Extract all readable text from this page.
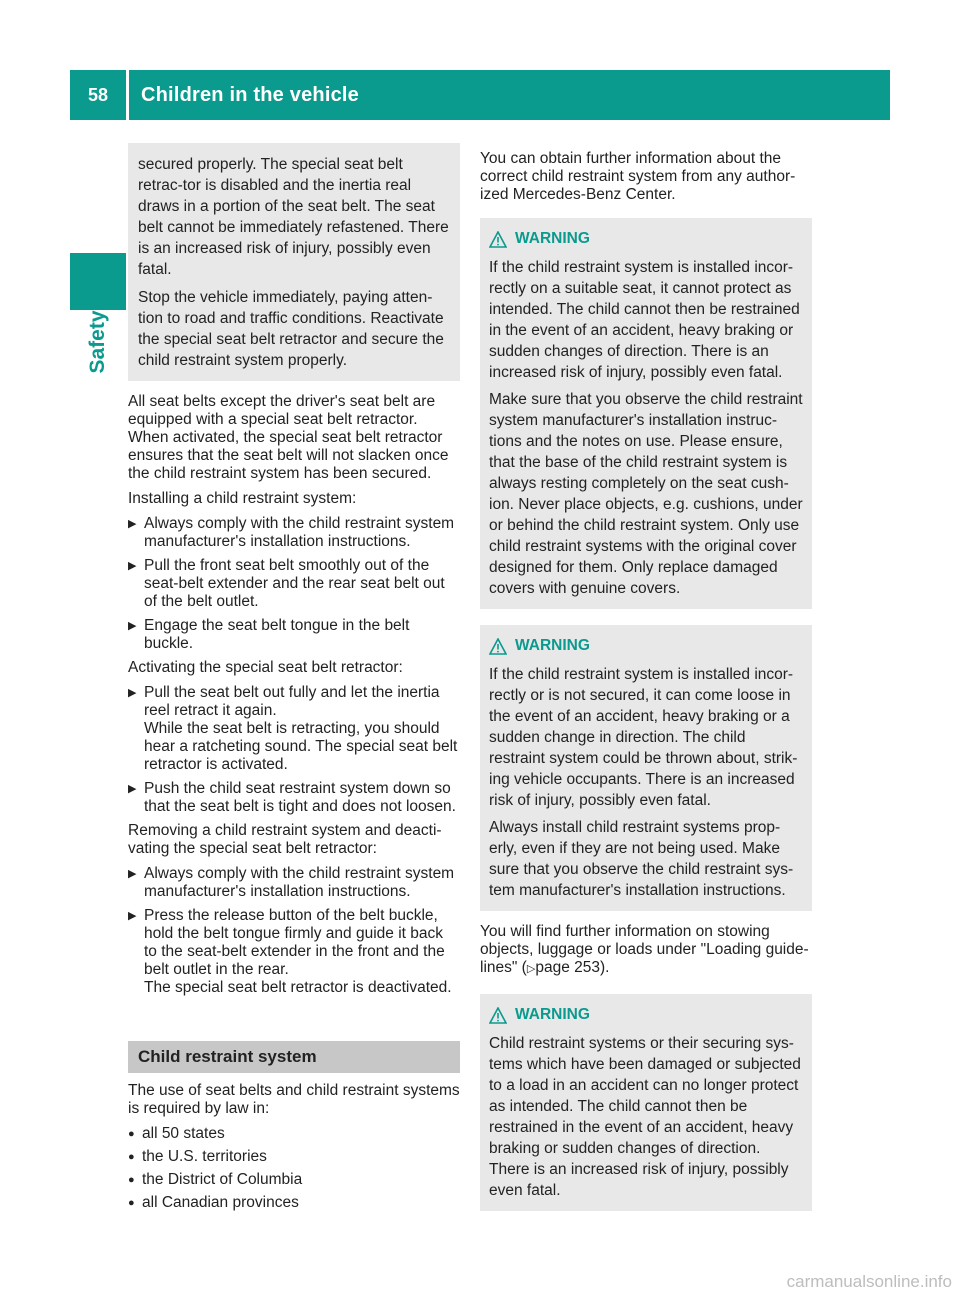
58	Children in the vehicle
Safety

secured properly. The special seat belt retrac-tor is disabled and the inertia real draws in a portion of the seat belt. The seat belt cannot be immediately refastened. There is an increased risk of injury, possibly even fatal.

Stop the vehicle immediately, paying atten-tion to road and traffic conditions. Reactivate the special seat belt retractor and secure the child restraint system properly.

All seat belts except the driver's seat belt are equipped with a special seat belt retractor. When activated, the special seat belt retractor ensures that the seat belt will not slacken once the child restraint system has been secured.

Installing a child restraint system:

▶ Always comply with the child restraint system manufacturer's installation instructions.
▶ Pull the front seat belt smoothly out of the seat-belt extender and the rear seat belt out of the belt outlet.
▶ Engage the seat belt tongue in the belt buckle.

Activating the special seat belt retractor:

▶ Pull the seat belt out fully and let the inertia reel retract it again.
While the seat belt is retracting, you should hear a ratcheting sound. The special seat belt retractor is activated.
▶ Push the child seat restraint system down so that the seat belt is tight and does not loosen.

Removing a child restraint system and deacti-vating the special seat belt retractor:

▶ Always comply with the child restraint system manufacturer's installation instructions.
▶ Press the release button of the belt buckle, hold the belt tongue firmly and guide it back to the seat-belt extender in the front and the belt outlet in the rear.
The special seat belt retractor is deactivated.
Child restraint system

The use of seat belts and child restraint systems is required by law in:

● all 50 states
● the U.S. territories
● the District of Columbia
● all Canadian provinces

You can obtain further information about the correct child restraint system from any author-ized Mercedes-Benz Center.

WARNING

If the child restraint system is installed incor-rectly on a suitable seat, it cannot protect as intended. The child cannot then be restrained in the event of an accident, heavy braking or sudden changes of direction. There is an increased risk of injury, possibly even fatal.

Make sure that you observe the child restraint system manufacturer's installation instruc-tions and the notes on use. Please ensure, that the base of the child restraint system is always resting completely on the seat cush-ion. Never place objects, e.g. cushions, under or behind the child restraint system. Only use child restraint systems with the original cover designed for them. Only replace damaged covers with genuine covers.

WARNING

If the child restraint system is installed incor-rectly or is not secured, it can come loose in the event of an accident, heavy braking or a sudden change in direction. The child restraint system could be thrown about, strik-ing vehicle occupants. There is an increased risk of injury, possibly even fatal.

Always install child restraint systems prop-erly, even if they are not being used. Make sure that you observe the child restraint sys-tem manufacturer's installation instructions.

You will find further information on stowing objects, luggage or loads under "Loading guide-lines" (▷page 253).

WARNING

Child restraint systems or their securing sys-tems which have been damaged or subjected to a load in an accident can no longer protect as intended. The child cannot then be restrained in the event of an accident, heavy braking or sudden changes of direction. There is an increased risk of injury, possibly even fatal.

carmanualsonline.info
